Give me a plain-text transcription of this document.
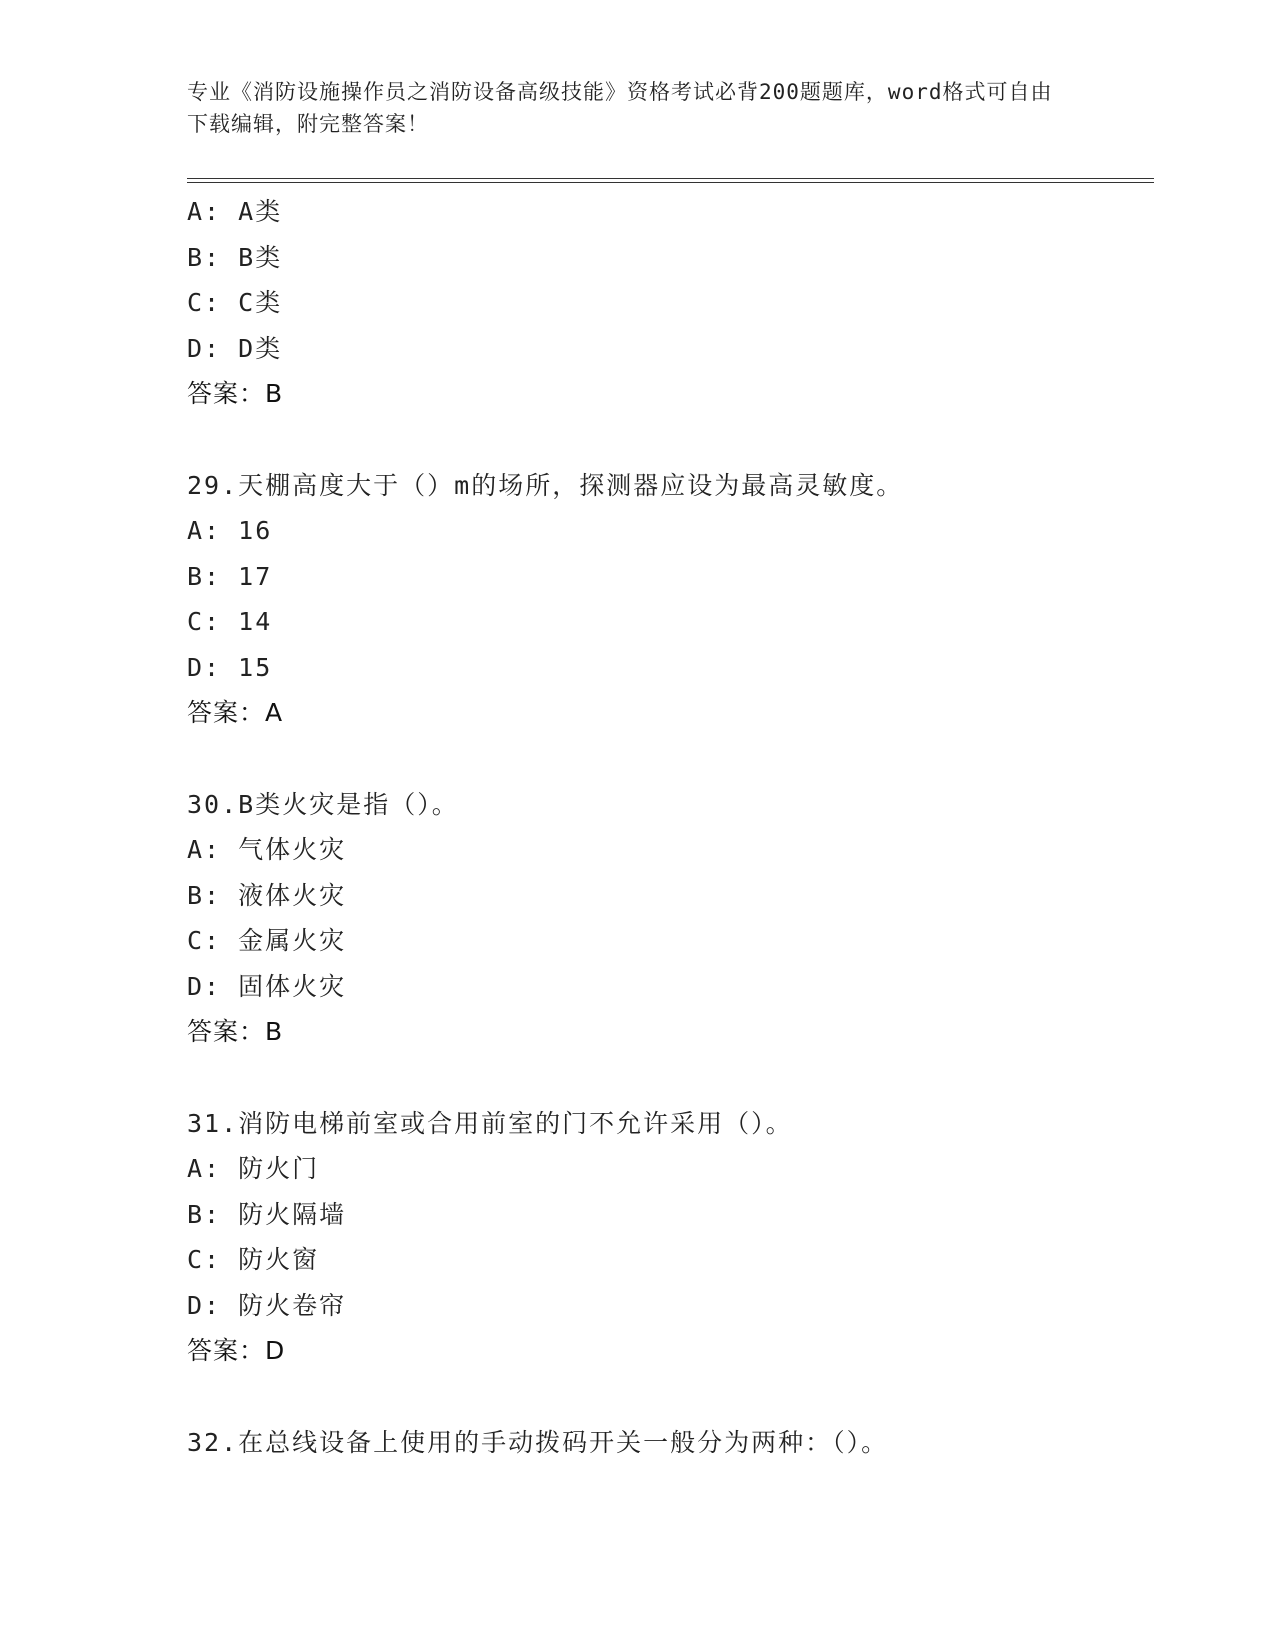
专业《消防设施操作员之消防设备高级技能》资格考试必背200题题库，word格式可自由下载编辑，附完整答案！
A: A类
B: B类
C: C类
D: D类
答案：B
29.天棚高度大于（）m的场所，探测器应设为最高灵敏度。
A: 16
B: 17
C: 14
D: 15
答案：A
30.B类火灾是指（）。
A: 气体火灾
B: 液体火灾
C: 金属火灾
D: 固体火灾
答案：B
31.消防电梯前室或合用前室的门不允许采用（）。
A: 防火门
B: 防火隔墙
C: 防火窗
D: 防火卷帘
答案：D
32.在总线设备上使用的手动拨码开关一般分为两种：（）。
